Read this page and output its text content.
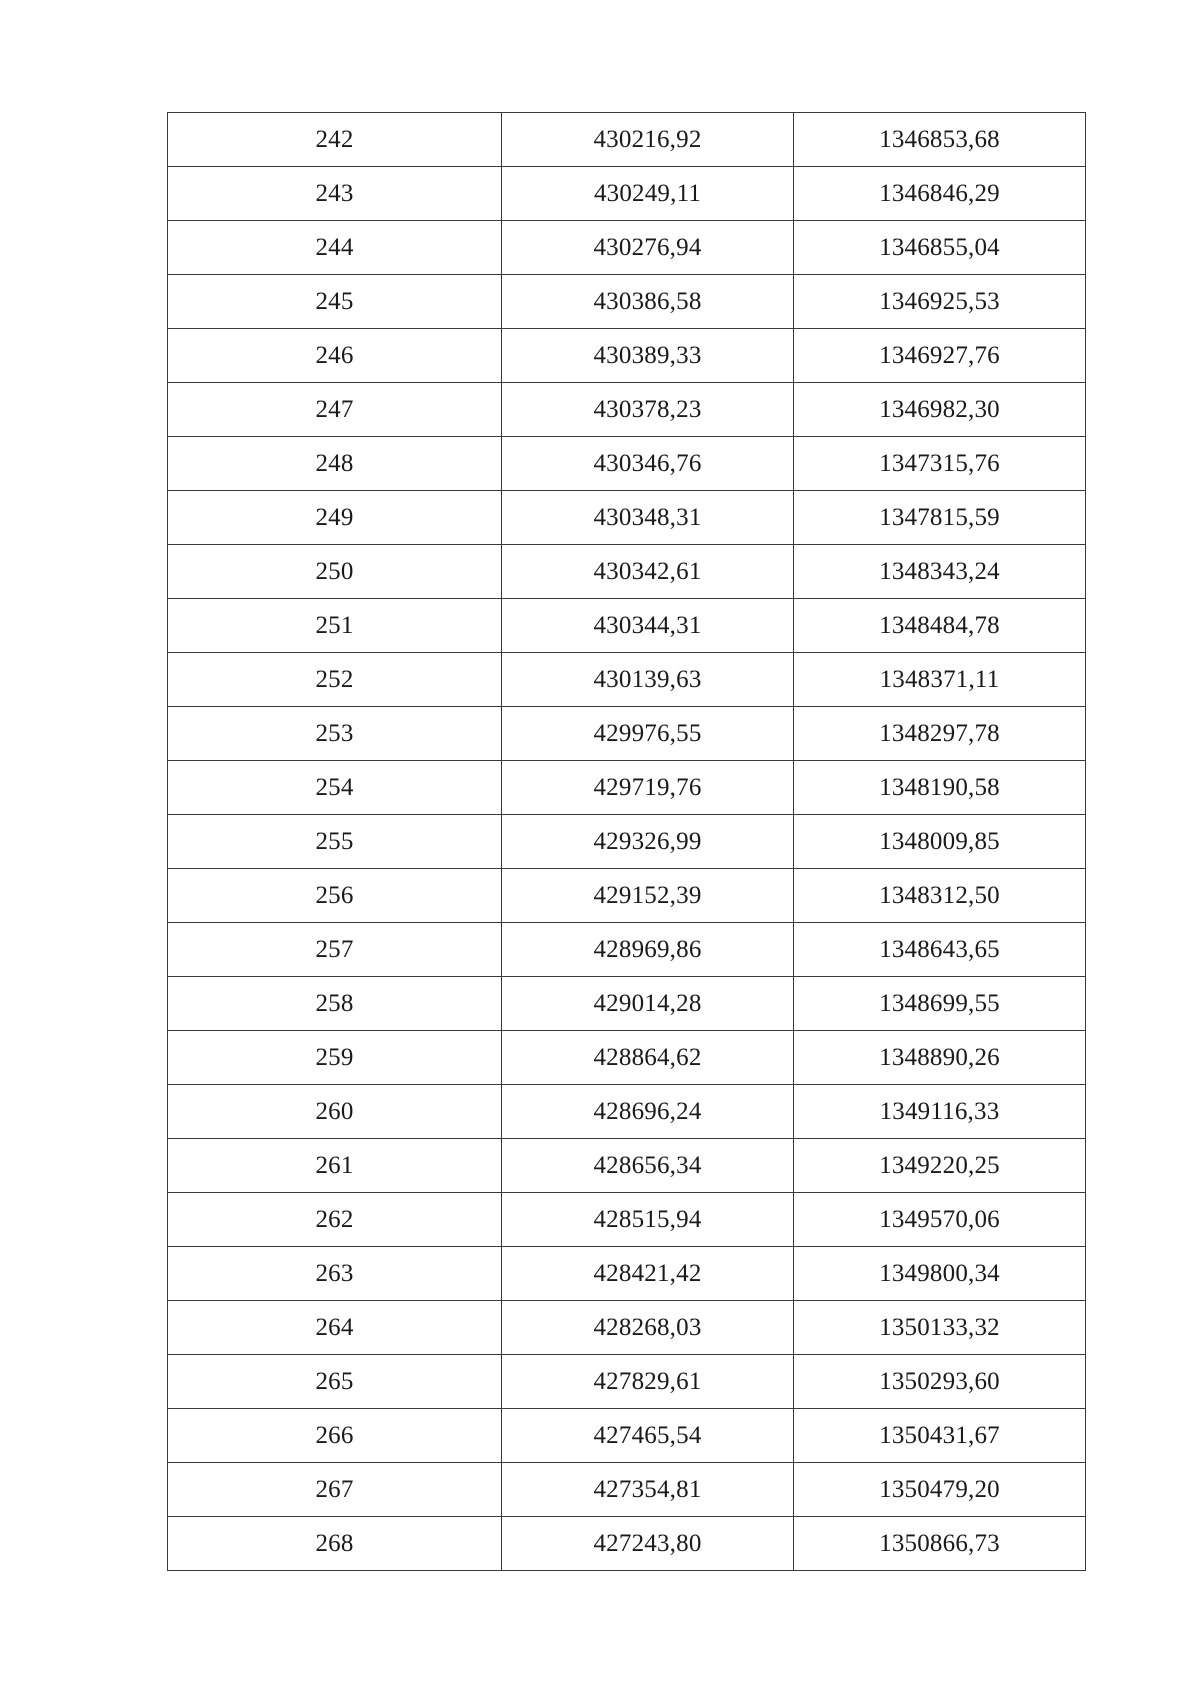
242	430216,92	1346853,68
243	430249,11	1346846,29
244	430276,94	1346855,04
245	430386,58	1346925,53
246	430389,33	1346927,76
247	430378,23	1346982,30
248	430346,76	1347315,76
249	430348,31	1347815,59
250	430342,61	1348343,24
251	430344,31	1348484,78
252	430139,63	1348371,11
253	429976,55	1348297,78
254	429719,76	1348190,58
255	429326,99	1348009,85
256	429152,39	1348312,50
257	428969,86	1348643,65
258	429014,28	1348699,55
259	428864,62	1348890,26
260	428696,24	1349116,33
261	428656,34	1349220,25
262	428515,94	1349570,06
263	428421,42	1349800,34
264	428268,03	1350133,32
265	427829,61	1350293,60
266	427465,54	1350431,67
267	427354,81	1350479,20
268	427243,80	1350866,73
